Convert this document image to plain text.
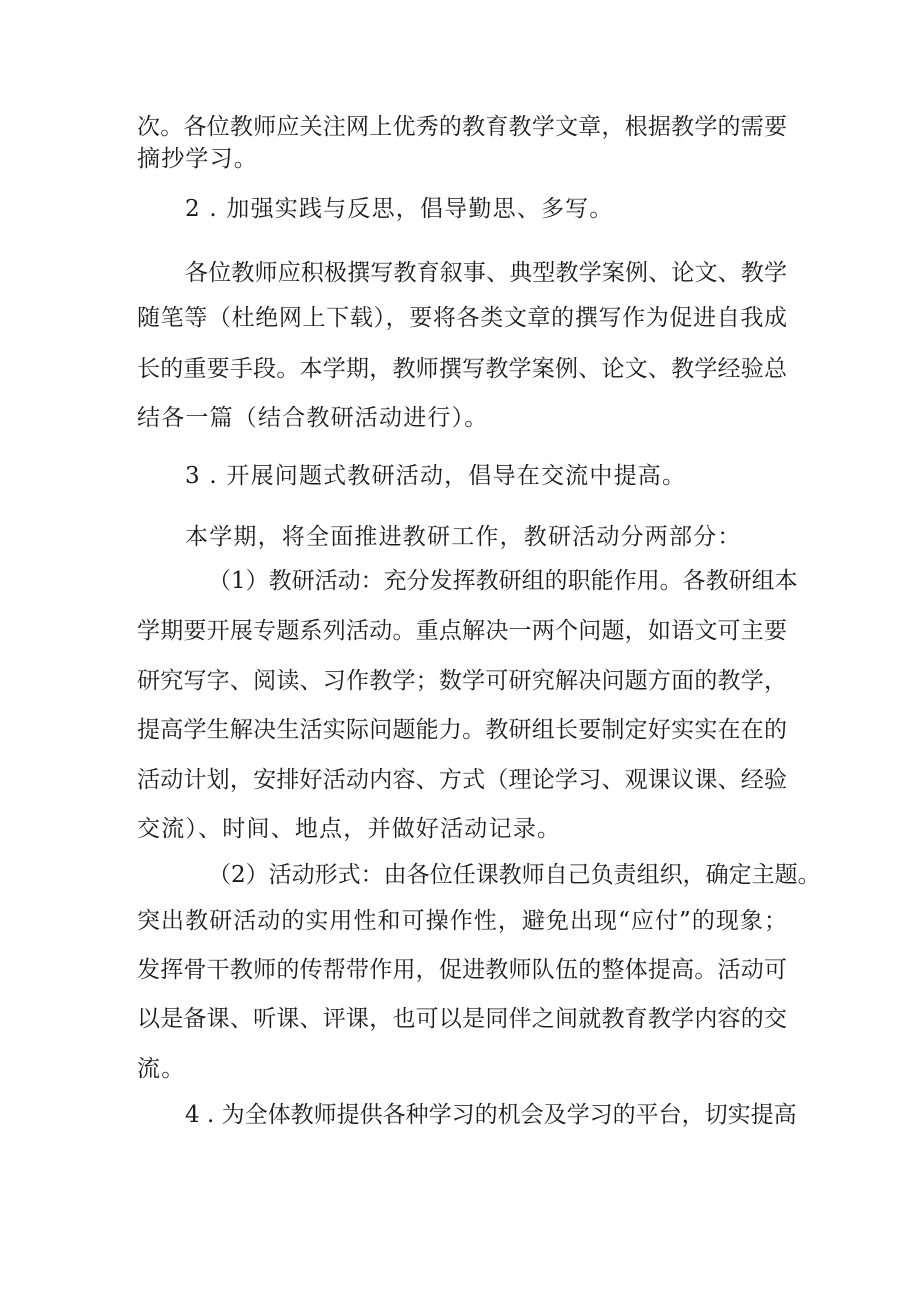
次。各位教师应关注网上优秀的教育教学文章，根据教学的需要
摘抄学习。
2 . 加强实践与反思，倡导勤思、多写。
各位教师应积极撰写教育叙事、典型教学案例、论文、教学
随笔等（杜绝网上下载），要将各类文章的撰写作为促进自我成
长的重要手段。本学期，教师撰写教学案例、论文、教学经验总
结各一篇（结合教研活动进行）。
3 . 开展问题式教研活动，倡导在交流中提高。
本学期，将全面推进教研工作，教研活动分两部分：
（1）教研活动：充分发挥教研组的职能作用。各教研组本
学期要开展专题系列活动。重点解决一两个问题，如语文可主要
研究写字、阅读、习作教学；数学可研究解决问题方面的教学，
提高学生解决生活实际问题能力。教研组长要制定好实实在在的
活动计划，安排好活动内容、方式（理论学习、观课议课、经验
交流）、时间、地点，并做好活动记录。
（2）活动形式：由各位任课教师自己负责组织，确定主题。
突出教研活动的实用性和可操作性，避免出现“应付”的现象；
发挥骨干教师的传帮带作用，促进教师队伍的整体提高。活动可
以是备课、听课、评课，也可以是同伴之间就教育教学内容的交
流。
4 . 为全体教师提供各种学习的机会及学习的平台，切实提高
